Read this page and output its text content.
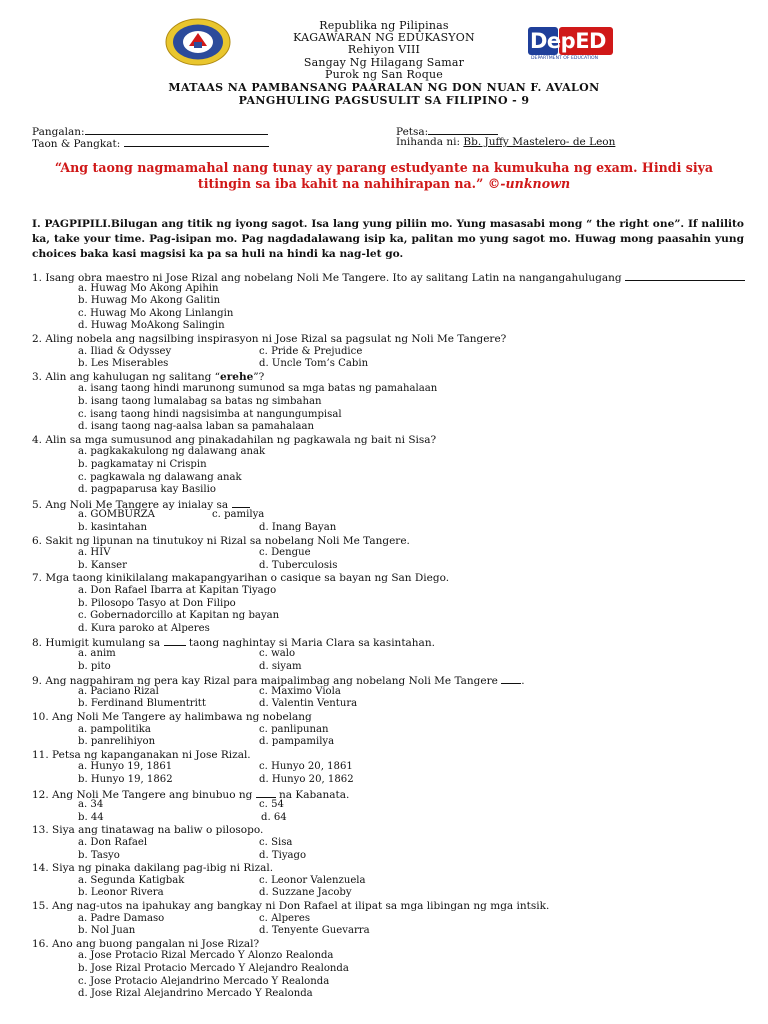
DepED
DEPARTMENT OF EDUCATION
Republika ng Pilipinas
KAGAWARAN NG EDUKASYON
Rehiyon VIII
Sangay Ng Hilagang Samar
Purok ng San Roque
MATAAS NA PAMBANSANG PAARALAN NG DON NUAN F. AVALON
PANGHULING PAGSUSULIT SA FILIPINO - 9
Pangalan:
Taon & Pangkat:
Petsa:
Inihanda ni: Bb. Juffy Mastelero- de Leon
“Ang taong nagmamahal nang tunay ay parang estudyante na kumukuha ng exam. Hindi siya titingin sa iba kahit na nahihirapan na.” ©-unknown
I. PAGPIPILI.Bilugan ang titik ng iyong sagot. Isa lang yung piliin mo. Yung masasabi mong “ the right one”. If nalilito ka, take your time. Pag-isipan mo. Pag nagdadalawang isip ka, palitan mo yung sagot mo. Huwag mong paasahin yung choices baka kasi magsisi ka pa sa huli na hindi ka nag-let go.
1. Isang obra maestro ni Jose Rizal ang nobelang Noli Me Tangere. Ito ay salitang Latin na nangangahulugang
a. Huwag Mo Akong Apihin
b. Huwag Mo Akong Galitin
c. Huwag Mo Akong Linlangin
d. Huwag MoAkong Salingin
2. Aling nobela ang nagsilbing inspirasyon ni Jose Rizal sa pagsulat ng Noli Me Tangere?
a. Iliad & Odyssey	c. Pride & Prejudice
b. Les Miserables	d. Uncle Tom’s Cabin
3. Alin ang kahulugan ng salitang “erehe”?
a. isang taong hindi marunong sumunod sa mga batas ng pamahalaan
b. isang taong lumalabag sa batas ng simbahan
c. isang taong hindi nagsisimba at nangungumpisal
d. isang taong nag-aalsa laban sa pamahalaan
4. Alin sa mga sumusunod ang pinakadahilan ng pagkawala ng bait ni Sisa?
a. pagkakakulong ng dalawang anak
b. pagkamatay ni Crispin
c. pagkawala ng dalawang anak
d. pagpaparusa kay Basilio
5. Ang Noli Me Tangere ay inialay sa
a. GOMBURZA	c. pamilya
b. kasintahan	d. Inang Bayan
6. Sakit ng lipunan na tinutukoy ni Rizal sa nobelang Noli Me Tangere.
a. HIV	c. Dengue
b. Kanser	d. Tuberculosis
7. Mga taong kinikilalang makapangyarihan o casique sa bayan ng San Diego.
a. Don Rafael Ibarra at Kapitan Tiyago
b. Pilosopo Tasyo at Don Filipo
c. Gobernadorcillo at Kapitan ng bayan
d. Kura paroko at Alperes
8. Humigit kumulang sa	taong naghintay si Maria Clara sa kasintahan.
a. anim	c. walo
b. pito	d. siyam
9. Ang nagpahiram ng pera kay Rizal para maipalimbag ang nobelang Noli Me Tangere .
a. Paciano Rizal	c. Maximo Viola
b. Ferdinand Blumentritt	d. Valentin Ventura
10. Ang Noli Me Tangere ay halimbawa ng nobelang
a. pampolitika	c. panlipunan
b. panrelihiyon	d. pampamilya
11. Petsa ng kapanganakan ni Jose Rizal.
a. Hunyo 19, 1861	c. Hunyo 20, 1861
b. Hunyo 19, 1862	d. Hunyo 20, 1862
12. Ang Noli Me Tangere ang binubuo ng	na Kabanata.
a. 34	c. 54
b. 44	d. 64
13. Siya ang tinatawag na baliw o pilosopo.
a. Don Rafael	c. Sisa
b. Tasyo	d. Tiyago
14. Siya ng pinaka dakilang pag-ibig ni Rizal.
a. Segunda Katigbak	c. Leonor Valenzuela
b. Leonor Rivera	d. Suzzane Jacoby
15. Ang nag-utos na ipahukay ang bangkay ni Don Rafael at ilipat sa mga libingan ng mga intsik.
a. Padre Damaso	c. Alperes
b. Nol Juan	d. Tenyente Guevarra
16. Ano ang buong pangalan ni Jose Rizal?
a. Jose Protacio Rizal Mercado Y Alonzo Realonda
b. Jose Rizal Protacio Mercado Y Alejandro Realonda
c. Jose Protacio Alejandrino Mercado Y Realonda
d. Jose Rizal Alejandrino Mercado Y Realonda
